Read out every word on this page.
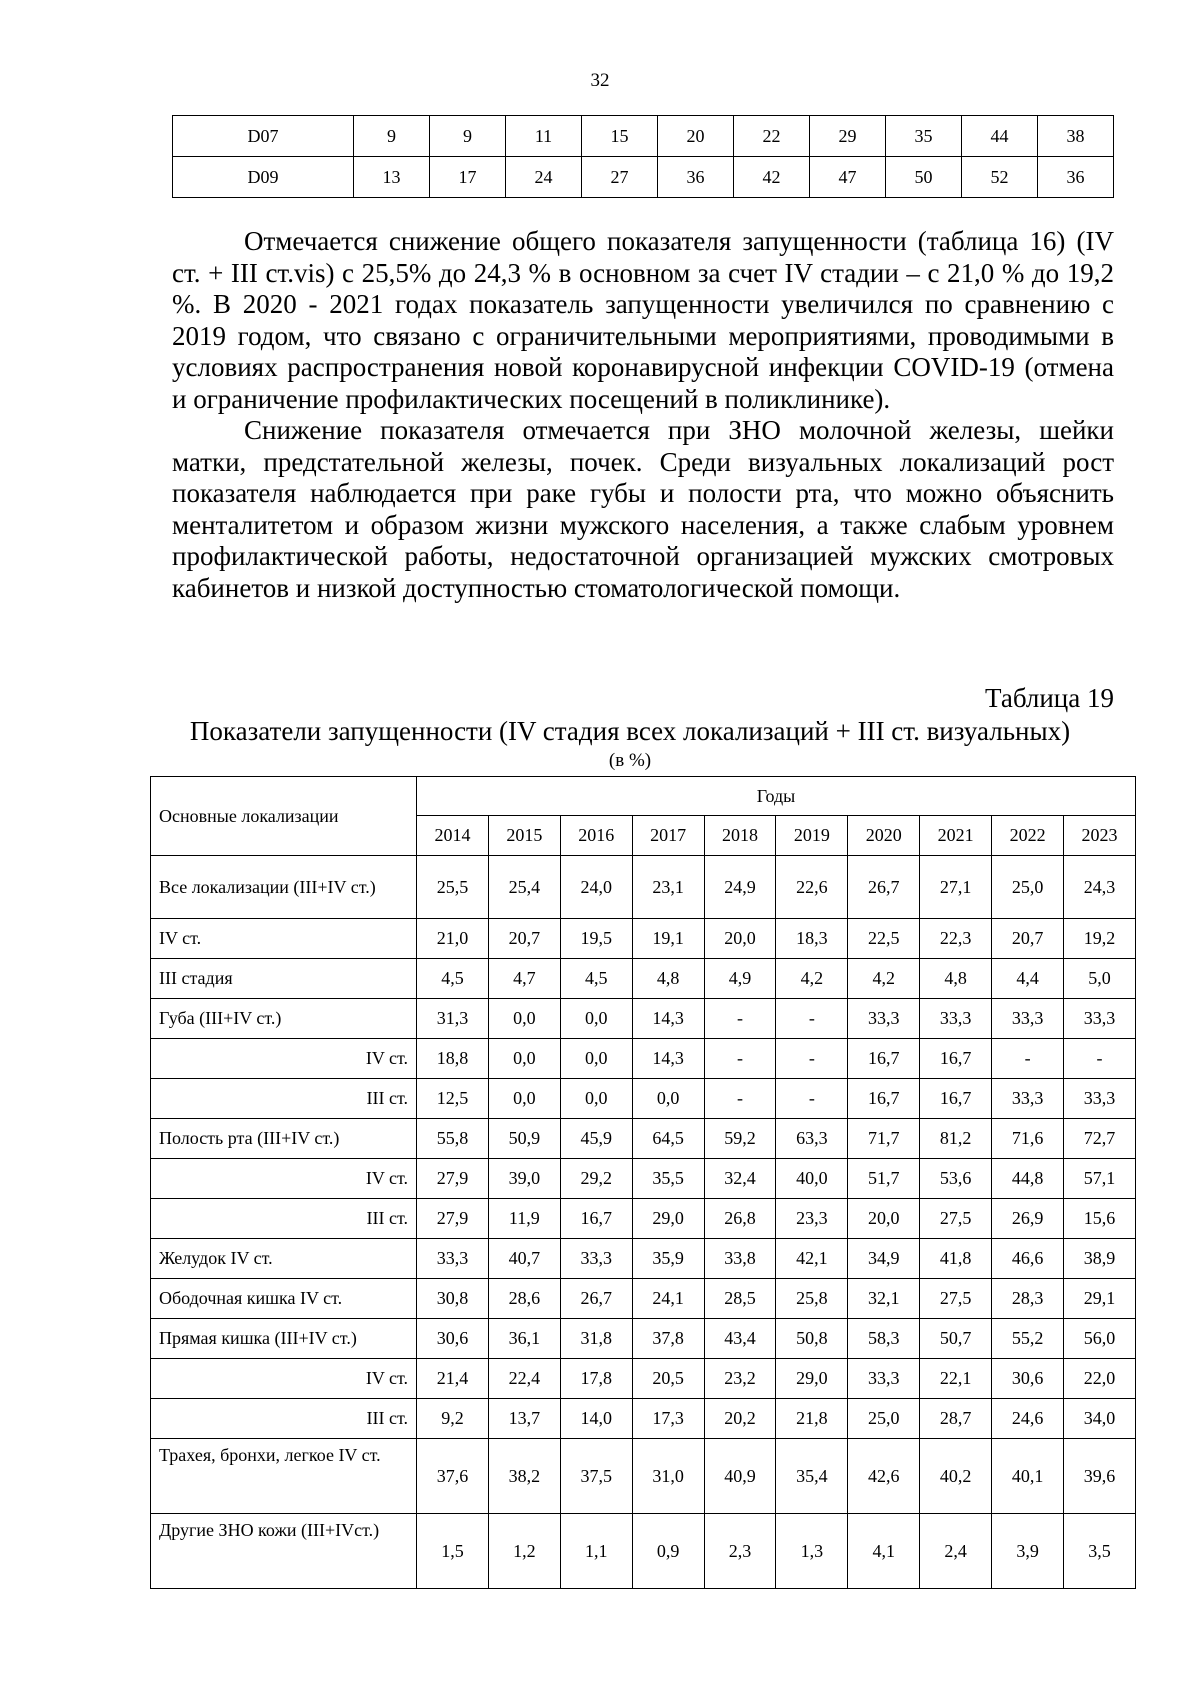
32
D07	9	9	11	15	20	22	29	35	44	38
D09	13	17	24	27	36	42	47	50	52	36

Отмечается снижение общего показателя запущенности (таблица 16) (IV ст. + III ст.vis) с 25,5% до 24,3 % в основном за счет IV стадии – с 21,0 % до 19,2 %. В 2020 - 2021 годах показатель запущенности увеличился по сравнению с 2019 годом, что связано с ограничительными мероприятиями, проводимыми в условиях распространения новой коронавирусной инфекции COVID-19 (отмена и ограничение профилактических посещений в поликлинике).

Снижение показателя отмечается при ЗНО молочной железы, шейки матки, предстательной железы, почек. Среди визуальных локализаций рост показателя наблюдается при раке губы и полости рта, что можно объяснить менталитетом и образом жизни мужского населения, а также слабым уровнем профилактической работы, недостаточной организацией мужских смотровых кабинетов и низкой доступностью стоматологической помощи.

Таблица 19
Показатели запущенности (IV стадия всех локализаций + III ст. визуальных)
(в %)
Основные локализации	Годы									
	2014	2015	2016	2017	2018	2019	2020	2021	2022	2023
Все локализации (III+IV ст.)	25,5	25,4	24,0	23,1	24,9	22,6	26,7	27,1	25,0	24,3
IV ст.	21,0	20,7	19,5	19,1	20,0	18,3	22,5	22,3	20,7	19,2
III стадия	4,5	4,7	4,5	4,8	4,9	4,2	4,2	4,8	4,4	5,0
Губа (III+IV ст.)	31,3	0,0	0,0	14,3	-	-	33,3	33,3	33,3	33,3
IV ст.	18,8	0,0	0,0	14,3	-	-	16,7	16,7	-	-
III ст.	12,5	0,0	0,0	0,0	-	-	16,7	16,7	33,3	33,3
Полость рта (III+IV ст.)	55,8	50,9	45,9	64,5	59,2	63,3	71,7	81,2	71,6	72,7
IV ст.	27,9	39,0	29,2	35,5	32,4	40,0	51,7	53,6	44,8	57,1
III ст.	27,9	11,9	16,7	29,0	26,8	23,3	20,0	27,5	26,9	15,6
Желудок IV ст.	33,3	40,7	33,3	35,9	33,8	42,1	34,9	41,8	46,6	38,9
Ободочная кишка IV ст.	30,8	28,6	26,7	24,1	28,5	25,8	32,1	27,5	28,3	29,1
Прямая кишка (III+IV ст.)	30,6	36,1	31,8	37,8	43,4	50,8	58,3	50,7	55,2	56,0
IV ст.	21,4	22,4	17,8	20,5	23,2	29,0	33,3	22,1	30,6	22,0
III ст.	9,2	13,7	14,0	17,3	20,2	21,8	25,0	28,7	24,6	34,0
Трахея, бронхи, легкое IV ст.	37,6	38,2	37,5	31,0	40,9	35,4	42,6	40,2	40,1	39,6
Другие ЗНО кожи (III+IVст.)	1,5	1,2	1,1	0,9	2,3	1,3	4,1	2,4	3,9	3,5
